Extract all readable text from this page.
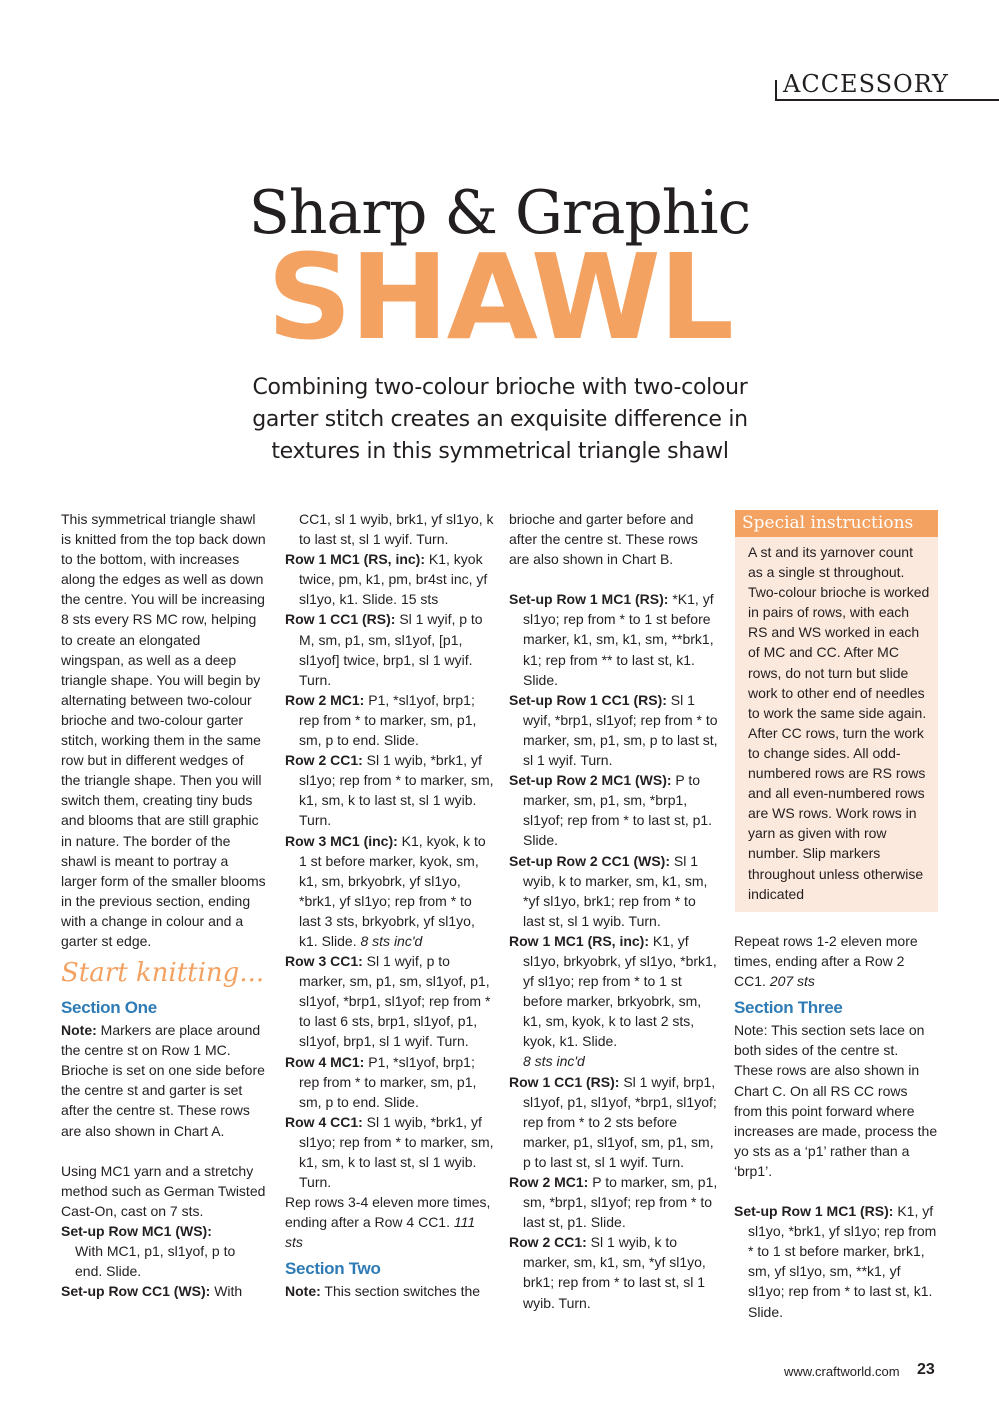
ACCESSORY
Sharp & Graphic
SHAWL
Combining two-colour brioche with two-colour garter stitch creates an exquisite difference in textures in this symmetrical triangle shawl

This symmetrical triangle shawl is knitted from the top back down to the bottom, with increases along the edges as well as down the centre. You will be increasing 8 sts every RS MC row, helping to create an elongated wingspan, as well as a deep triangle shape. You will begin by alternating between two-colour brioche and two-colour garter stitch, working them in the same row but in different wedges of the triangle shape. Then you will switch them, creating tiny buds and blooms that are still graphic in nature. The border of the shawl is meant to portray a larger form of the smaller blooms in the previous section, ending with a change in colour and a garter st edge.

Start knitting...

Section One

Note: Markers are place around the centre st on Row 1 MC. Brioche is set on one side before the centre st and garter is set after the centre st. These rows are also shown in Chart A.

Using MC1 yarn and a stretchy method such as German Twisted Cast-On, cast on 7 sts.

Set-up Row MC1 (WS):

With MC1, p1, sl1yof, p to end. Slide.

Set-up Row CC1 (WS): With

CC1, sl 1 wyib, brk1, yf sl1yo, k to last st, sl 1 wyif. Turn.

Row 1 MC1 (RS, inc): K1, kyok twice, pm, k1, pm, br4st inc, yf sl1yo, k1. Slide. 15 sts

Row 1 CC1 (RS): Sl 1 wyif, p to M, sm, p1, sm, sl1yof, [p1, sl1yof] twice, brp1, sl 1 wyif. Turn.

Row 2 MC1: P1, *sl1yof, brp1; rep from * to marker, sm, p1, sm, p to end. Slide.

Row 2 CC1: Sl 1 wyib, *brk1, yf sl1yo; rep from * to marker, sm, k1, sm, k to last st, sl 1 wyib. Turn.

Row 3 MC1 (inc): K1, kyok, k to 1 st before marker, kyok, sm, k1, sm, brkyobrk, yf sl1yo, *brk1, yf sl1yo; rep from * to last 3 sts, brkyobrk, yf sl1yo, k1. Slide. 8 sts inc'd

Row 3 CC1: Sl 1 wyif, p to marker, sm, p1, sm, sl1yof, p1, sl1yof, *brp1, sl1yof; rep from * to last 6 sts, brp1, sl1yof, p1, sl1yof, brp1, sl 1 wyif. Turn.

Row 4 MC1: P1, *sl1yof, brp1; rep from * to marker, sm, p1, sm, p to end. Slide.

Row 4 CC1: Sl 1 wyib, *brk1, yf sl1yo; rep from * to marker, sm, k1, sm, k to last st, sl 1 wyib. Turn.

Rep rows 3-4 eleven more times, ending after a Row 4 CC1. 111 sts

Section Two

Note: This section switches the

brioche and garter before and after the centre st. These rows are also shown in Chart B.

Set-up Row 1 MC1 (RS): *K1, yf sl1yo; rep from * to 1 st before marker, k1, sm, k1, sm, **brk1, k1; rep from ** to last st, k1. Slide.

Set-up Row 1 CC1 (RS): Sl 1 wyif, *brp1, sl1yof; rep from * to marker, sm, p1, sm, p to last st, sl 1 wyif. Turn.

Set-up Row 2 MC1 (WS): P to marker, sm, p1, sm, *brp1, sl1yof; rep from * to last st, p1. Slide.

Set-up Row 2 CC1 (WS): Sl 1 wyib, k to marker, sm, k1, sm, *yf sl1yo, brk1; rep from * to last st, sl 1 wyib. Turn.

Row 1 MC1 (RS, inc): K1, yf sl1yo, brkyobrk, yf sl1yo, *brk1, yf sl1yo; rep from * to 1 st before marker, brkyobrk, sm, k1, sm, kyok, k to last 2 sts, kyok, k1. Slide.

8 sts inc'd

Row 1 CC1 (RS): Sl 1 wyif, brp1, sl1yof, p1, sl1yof, *brp1, sl1yof; rep from * to 2 sts before marker, p1, sl1yof, sm, p1, sm, p to last st, sl 1 wyif. Turn.

Row 2 MC1: P to marker, sm, p1, sm, *brp1, sl1yof; rep from * to last st, p1. Slide.

Row 2 CC1: Sl 1 wyib, k to marker, sm, k1, sm, *yf sl1yo, brk1; rep from * to last st, sl 1 wyib. Turn.

Special instructions
A st and its yarnover count as a single st throughout. Two-colour brioche is worked in pairs of rows, with each RS and WS worked in each of MC and CC. After MC rows, do not turn but slide work to other end of needles to work the same side again. After CC rows, turn the work to change sides. All odd-numbered rows are RS rows and all even-numbered rows are WS rows. Work rows in yarn as given with row number. Slip markers throughout unless otherwise indicated

Repeat rows 1-2 eleven more times, ending after a Row 2 CC1. 207 sts

Section Three

Note: This section sets lace on both sides of the centre st. These rows are also shown in Chart C. On all RS CC rows from this point forward where increases are made, process the yo sts as a ‘p1’ rather than a ‘brp1’.

Set-up Row 1 MC1 (RS): K1, yf sl1yo, *brk1, yf sl1yo; rep from * to 1 st before marker, brk1, sm, yf sl1yo, sm, **k1, yf sl1yo; rep from * to last st, k1. Slide.

www.craftworld.com 23
